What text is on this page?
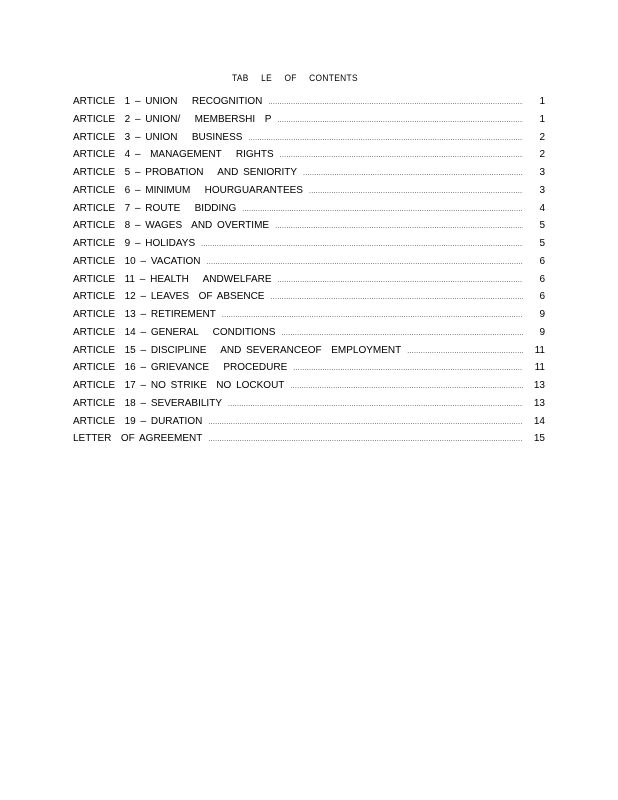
TAB  LE  OF  CONTENTS
ARTICLE  1 – UNION   RECOGNITION .....	1
ARTICLE  2 – UNION/   MEMBERSHI  P .....	1
ARTICLE  3 – UNION   BUSINESS .....	2
ARTICLE  4 –  MANAGEMENT   RIGHTS .....	2
ARTICLE  5 – PROBATION   AND SENIORITY .....	3
ARTICLE  6 – MINIMUM   HOURGUARANTEES .....	3
ARTICLE  7 – ROUTE   BIDDING .....	4
ARTICLE  8 – WAGES  AND OVERTIME .....	5
ARTICLE  9 – HOLIDAYS .....	5
ARTICLE  10 – VACATION .....	6
ARTICLE  11 – HEALTH   ANDWELFARE .....	6
ARTICLE  12 – LEAVES  OF ABSENCE .....	6
ARTICLE  13 – RETIREMENT .....	9
ARTICLE  14 – GENERAL   CONDITIONS .....	9
ARTICLE  15 – DISCIPLINE   AND SEVERANCEOF  EMPLOYMENT .....	11
ARTICLE  16 – GRIEVANCE   PROCEDURE .....	11
ARTICLE  17 – NO STRIKE  NO LOCKOUT .....	13
ARTICLE  18 – SEVERABILITY .....	13
ARTICLE  19 – DURATION .....	14
LETTER  OF AGREEMENT .....	15
